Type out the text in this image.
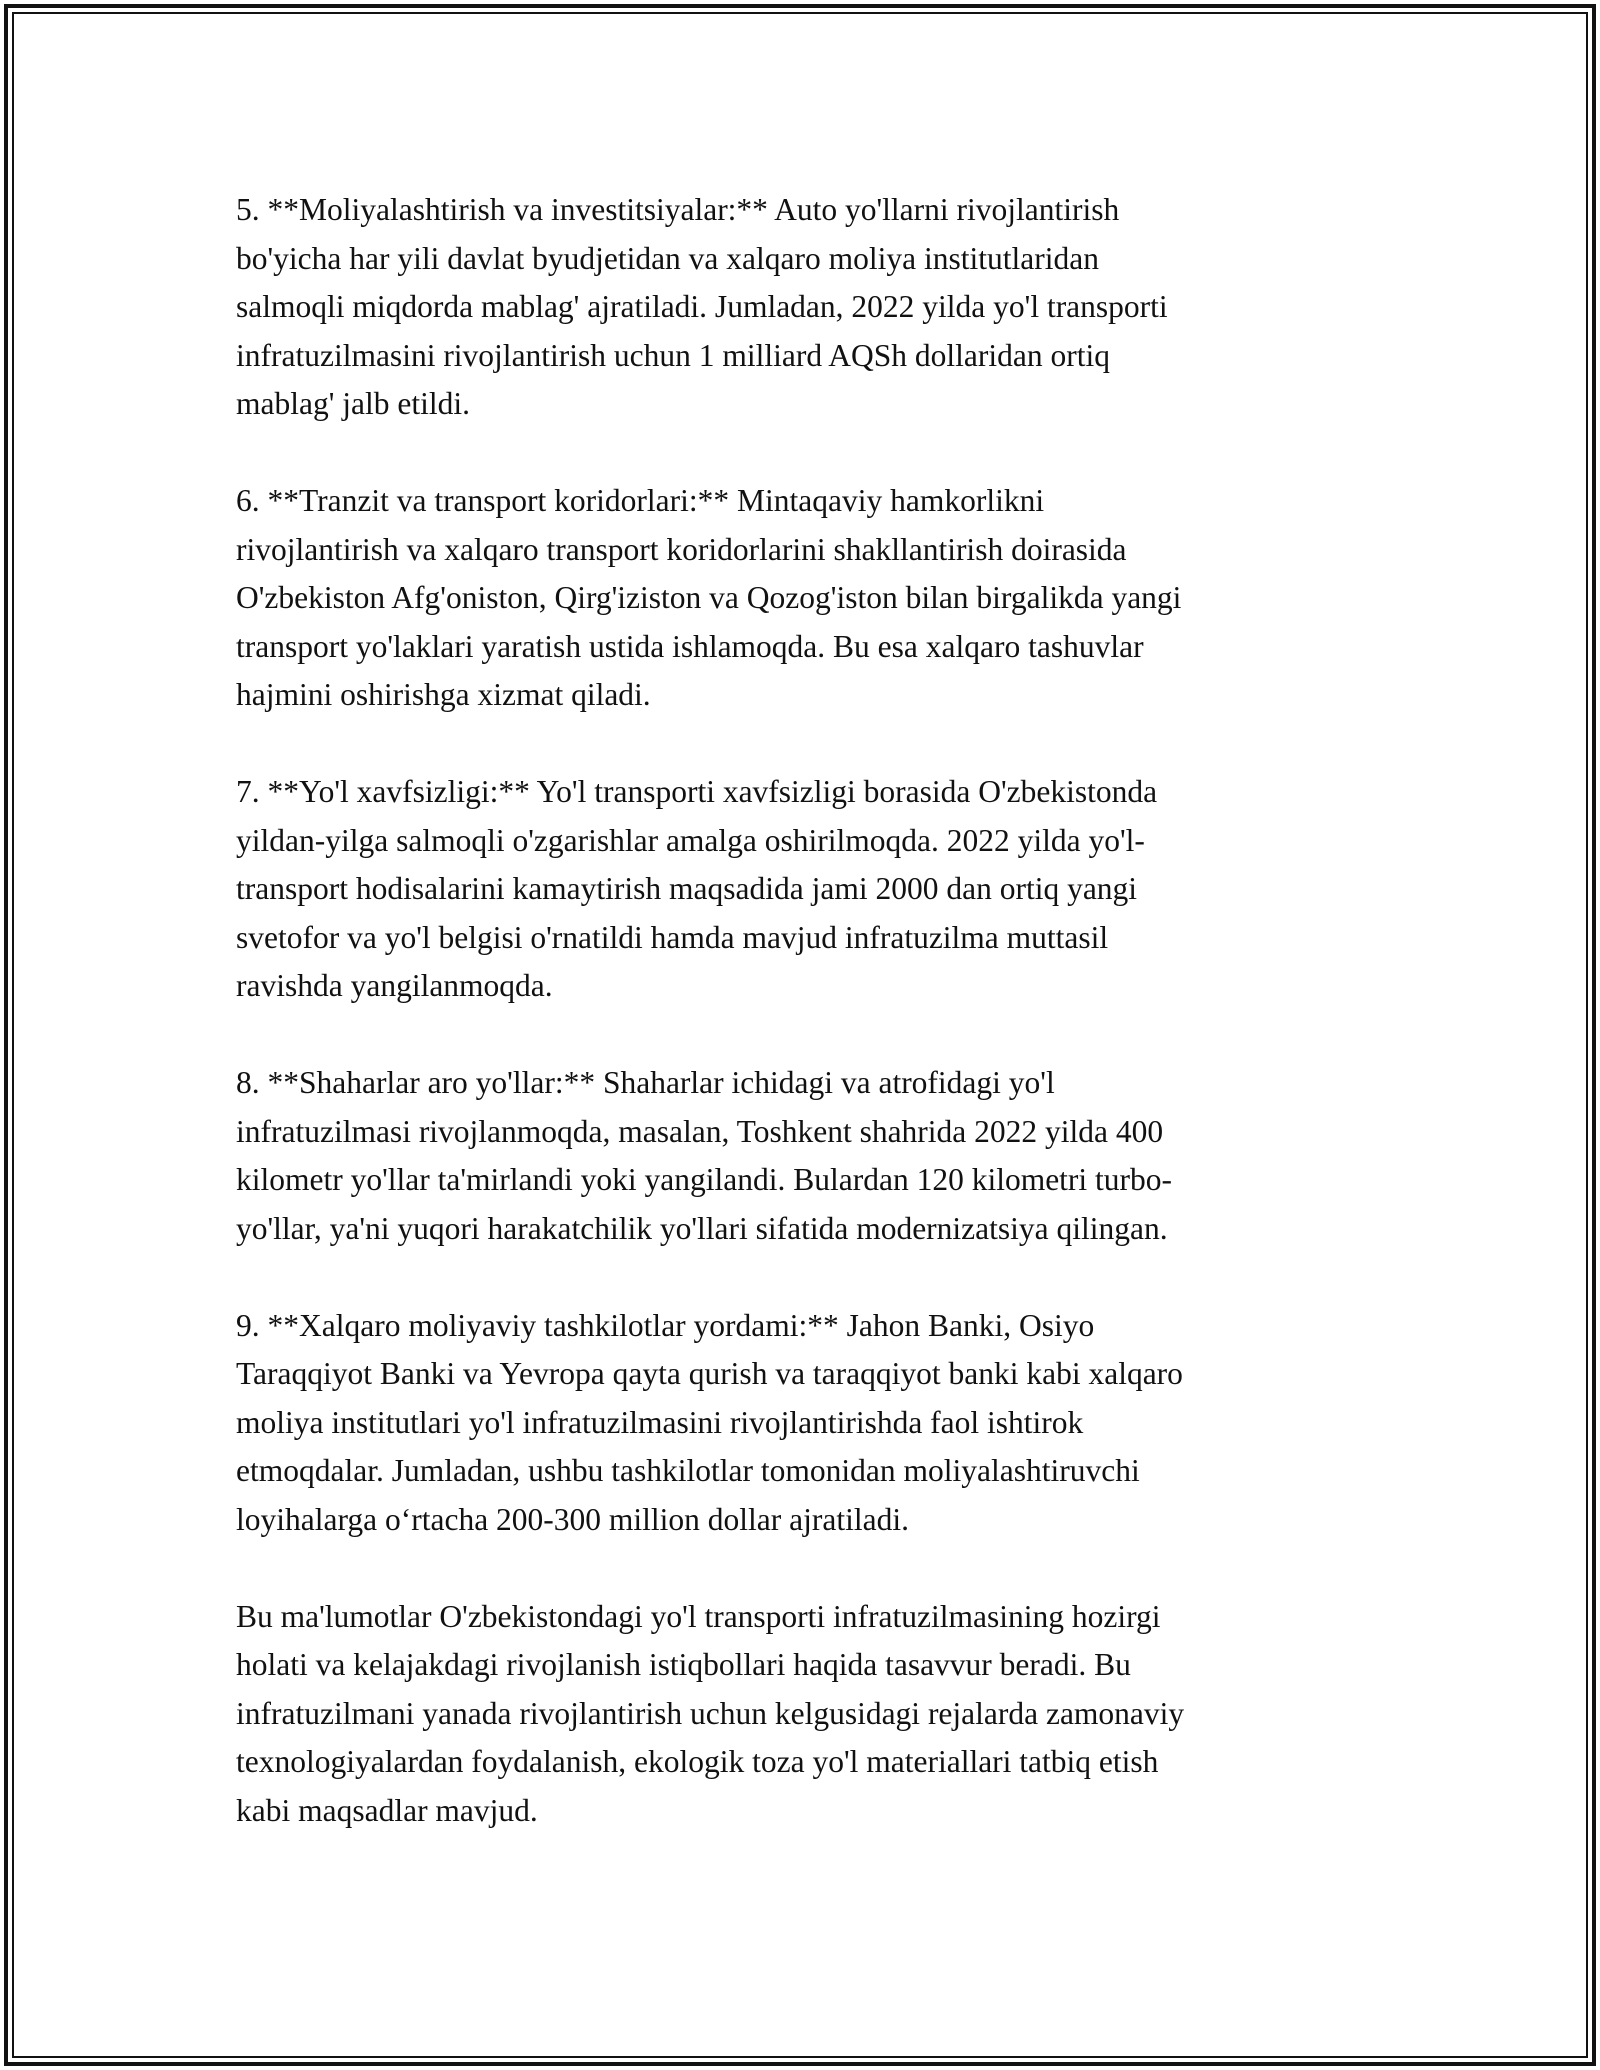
5. **Moliyalashtirish va investitsiyalar:** Auto yo'llarni rivojlantirish
bo'yicha har yili davlat byudjetidan va xalqaro moliya institutlaridan
salmoqli miqdorda mablag' ajratiladi. Jumladan, 2022 yilda yo'l transporti
infratuzilmasini rivojlantirish uchun 1 milliard AQSh dollaridan ortiq
mablag' jalb etildi.

6. **Tranzit va transport koridorlari:** Mintaqaviy hamkorlikni
rivojlantirish va xalqaro transport koridorlarini shakllantirish doirasida
O'zbekiston Afg'oniston, Qirg'iziston va Qozog'iston bilan birgalikda yangi
transport yo'laklari yaratish ustida ishlamoqda. Bu esa xalqaro tashuvlar
hajmini oshirishga xizmat qiladi.

7. **Yo'l xavfsizligi:** Yo'l transporti xavfsizligi borasida O'zbekistonda
yildan-yilga salmoqli o'zgarishlar amalga oshirilmoqda. 2022 yilda yo'l-
transport hodisalarini kamaytirish maqsadida jami 2000 dan ortiq yangi
svetofor va yo'l belgisi o'rnatildi hamda mavjud infratuzilma muttasil
ravishda yangilanmoqda.

8. **Shaharlar aro yo'llar:** Shaharlar ichidagi va atrofidagi yo'l
infratuzilmasi rivojlanmoqda, masalan, Toshkent shahrida 2022 yilda 400
kilometr yo'llar ta'mirlandi yoki yangilandi. Bulardan 120 kilometri turbo-
yo'llar, ya'ni yuqori harakatchilik yo'llari sifatida modernizatsiya qilingan.

9. **Xalqaro moliyaviy tashkilotlar yordami:** Jahon Banki, Osiyo
Taraqqiyot Banki va Yevropa qayta qurish va taraqqiyot banki kabi xalqaro
moliya institutlari yo'l infratuzilmasini rivojlantirishda faol ishtirok
etmoqdalar. Jumladan, ushbu tashkilotlar tomonidan moliyalashtiruvchi
loyihalarga oʻrtacha 200-300 million dollar ajratiladi.

Bu ma'lumotlar O'zbekistondagi yo'l transporti infratuzilmasining hozirgi
holati va kelajakdagi rivojlanish istiqbollari haqida tasavvur beradi. Bu
infratuzilmani yanada rivojlantirish uchun kelgusidagi rejalarda zamonaviy
texnologiyalardan foydalanish, ekologik toza yo'l materiallari tatbiq etish
kabi maqsadlar mavjud.
